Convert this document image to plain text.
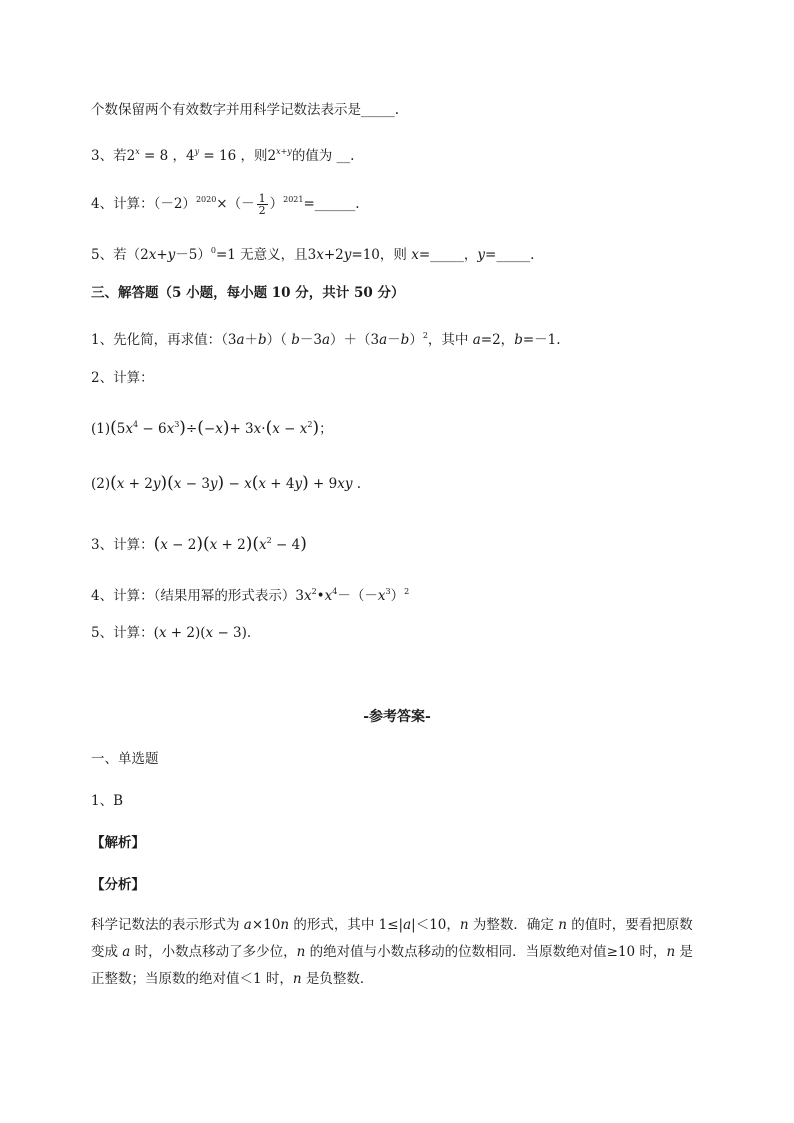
个数保留两个有效数字并用科学记数法表示是_____.
3、若$2^x = 8$ ，$4^y = 16$ ，则$2^{x+y}$的值为 __.
4、计算：$(-2)^{2020}\times(- \frac{1}{2}$ ）$^{2021}=\_\_\_\_\_\_$.
5、若$(2x+y-5)^0=1$ 无意义，且3x+2y=10，则 x=_____，y=_____.
三、解答题（5 小题，每小题 10 分，共计 50 分）
1、先化简，再求值：（3a＋b）（ $b-3a)+(3a-b)^2$，其中 a=2，b=－1.
2、计算：
$(1)(5x^4 - 6x^3)\div(-x)+ 3x\cdot(x - x^2)$；
(2)(x + 2y)(x − 3y) − x(x + 4y) + 9xy .
3、计算：$(x - 2)(x + 2)(x^2 - 4)$
4、计算：（结果用幂的形式表示）$3x^2•x^4-(-x^3)^2$
5、计算：(x + 2)(x − 3).
-参考答案-
一、单选题
1、B
【解析】
【分析】
科学记数法的表示形式为 a×10n 的形式，其中 1≤|a|＜10，n 为整数．确定 n 的值时，要看把原数
变成 a 时，小数点移动了多少位，n 的绝对值与小数点移动的位数相同．当原数绝对值≥10 时，n 是
正整数；当原数的绝对值＜1 时，n 是负整数．
